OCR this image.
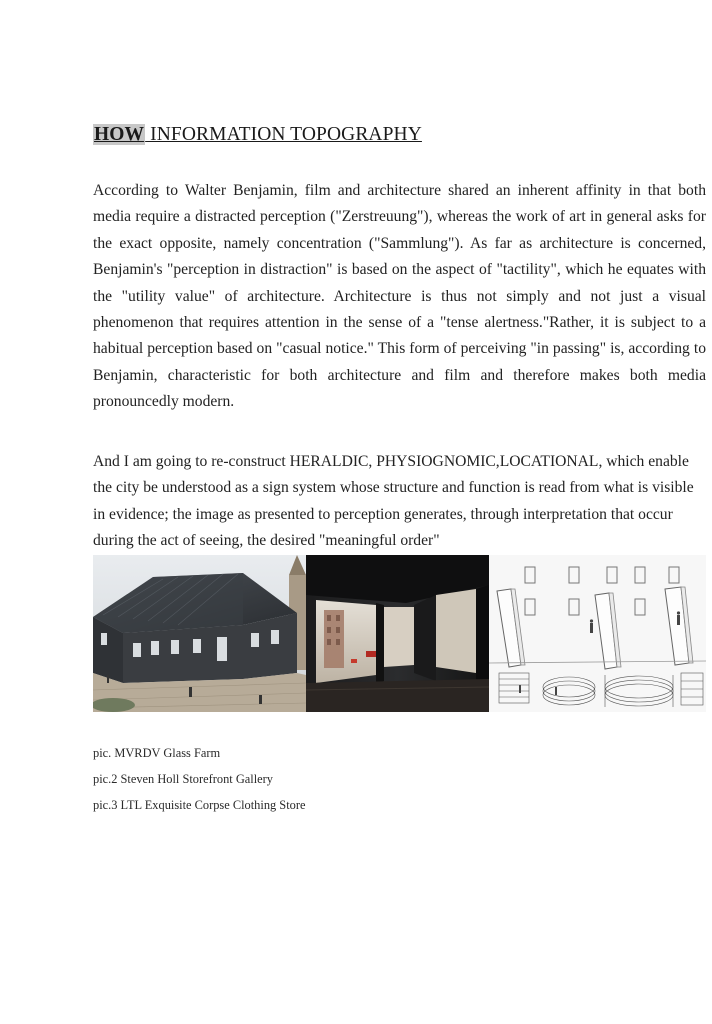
HOW INFORMATION TOPOGRAPHY

According to Walter Benjamin, film and architecture shared an inherent affinity in that both media require a distracted perception ("Zerstreuung"), whereas the work of art in general asks for the exact opposite, namely concentration ("Sammlung"). As far as architecture is concerned, Benjamin's "perception in distraction" is based on the aspect of "tactility", which he equates with the "utility value" of architecture. Architecture is thus not simply and not just a visual phenomenon that requires attention in the sense of a "tense alertness."Rather, it is subject to a habitual perception based on "casual notice." This form of perceiving "in passing" is, according to Benjamin, characteristic for both architecture and film and therefore makes both media pronouncedly modern.

And I am going to re-construct HERALDIC, PHYSIOGNOMIC,LOCATIONAL, which enable the city be understood as a sign system whose structure and function is read from what is visible in evidence; the image as presented to perception generates, through interpretation that occur during the act of seeing, the desired "meaningful order"

pic. MVRDV Glass Farm
pic.2 Steven Holl Storefront Gallery
pic.3 LTL Exquisite Corpse Clothing Store
